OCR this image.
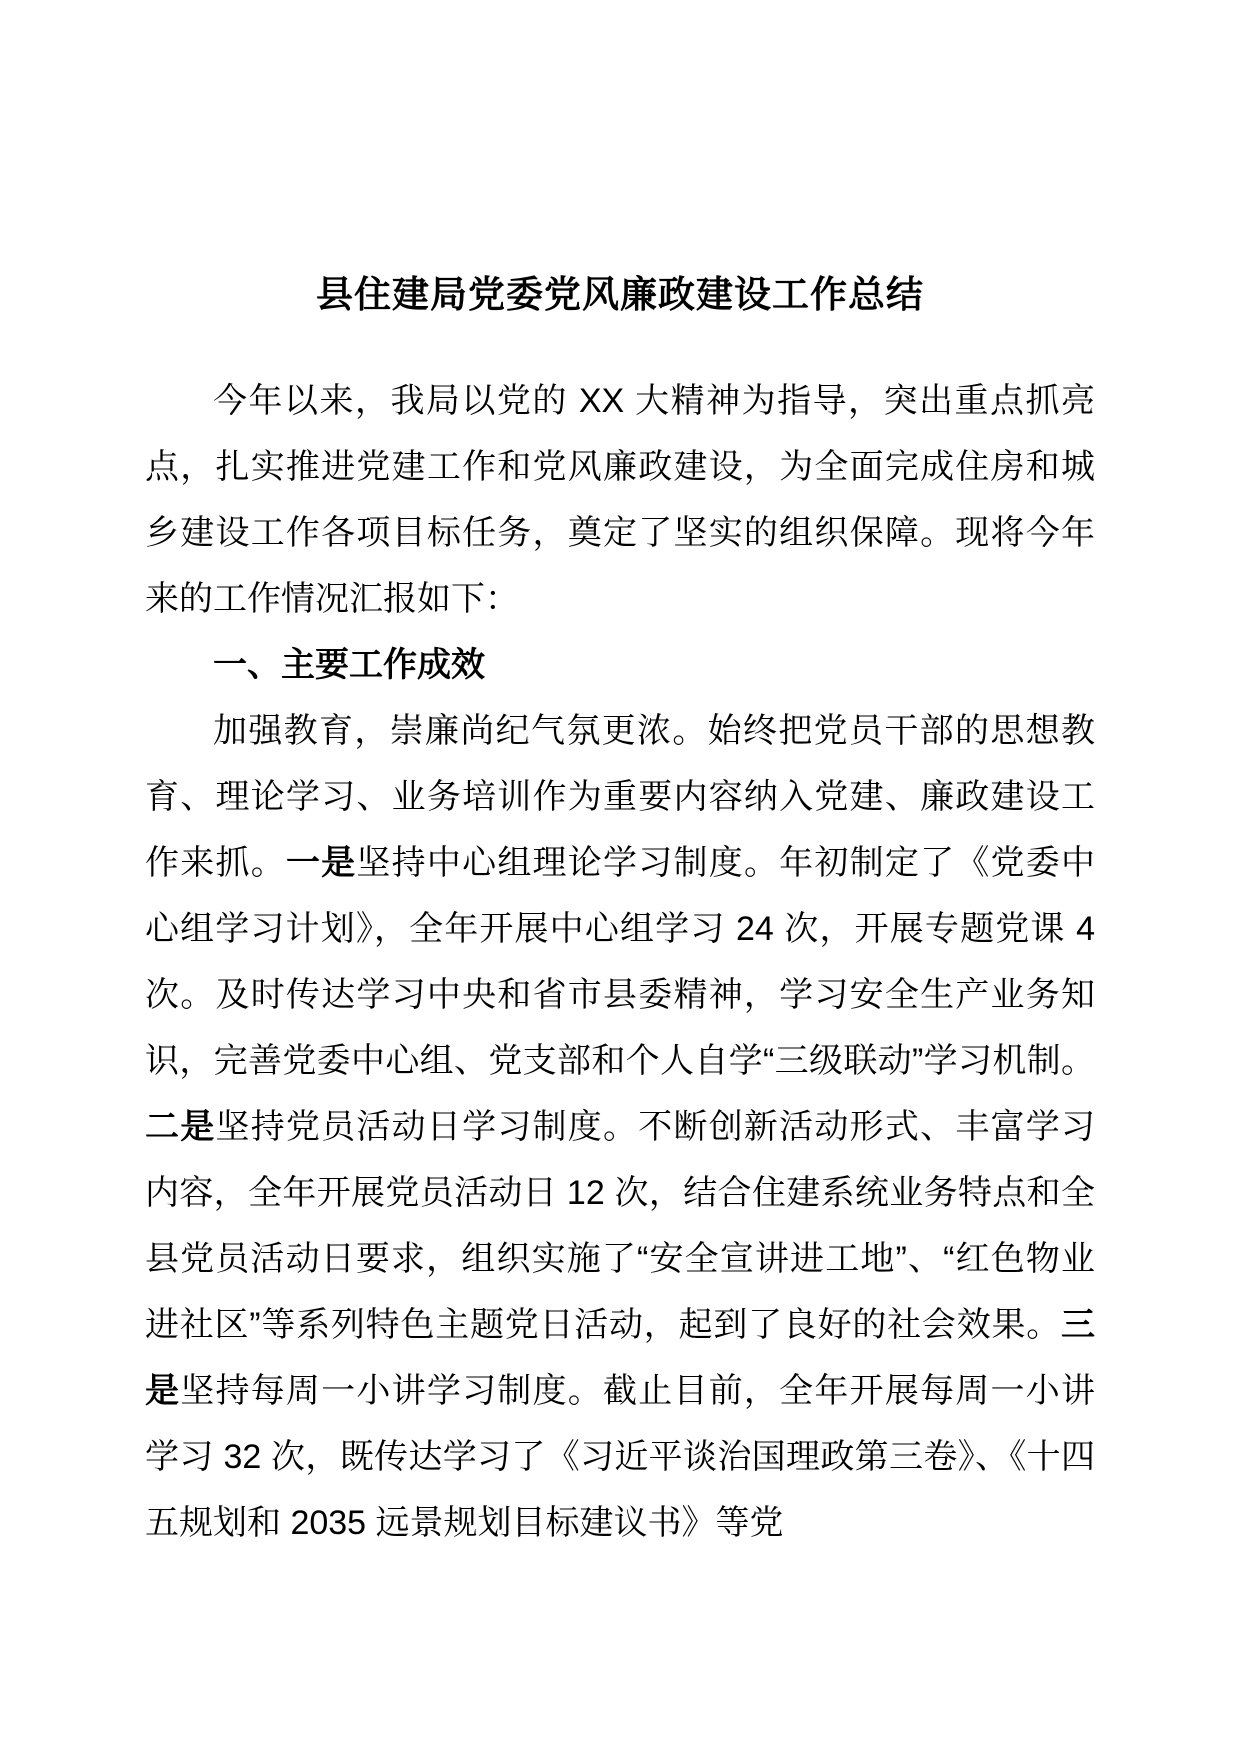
县住建局党委党风廉政建设工作总结

今年以来，我局以党的 XX 大精神为指导，突出重点抓亮点，扎实推进党建工作和党风廉政建设，为全面完成住房和城乡建设工作各项目标任务，奠定了坚实的组织保障。现将今年来的工作情况汇报如下：

一、主要工作成效

加强教育，崇廉尚纪气氛更浓。始终把党员干部的思想教育、理论学习、业务培训作为重要内容纳入党建、廉政建设工作来抓。一是坚持中心组理论学习制度。年初制定了《党委中心组学习计划》，全年开展中心组学习 24 次，开展专题党课 4 次。及时传达学习中央和省市县委精神，学习安全生产业务知识，完善党委中心组、党支部和个人自学“三级联动”学习机制。二是坚持党员活动日学习制度。不断创新活动形式、丰富学习内容，全年开展党员活动日 12 次，结合住建系统业务特点和全县党员活动日要求，组织实施了“安全宣讲进工地”、“红色物业进社区”等系列特色主题党日活动，起到了良好的社会效果。三是坚持每周一小讲学习制度。截止目前，全年开展每周一小讲学习 32 次，既传达学习了《习近平谈治国理政第三卷》、《十四五规划和 2035 远景规划目标建议书》等党
